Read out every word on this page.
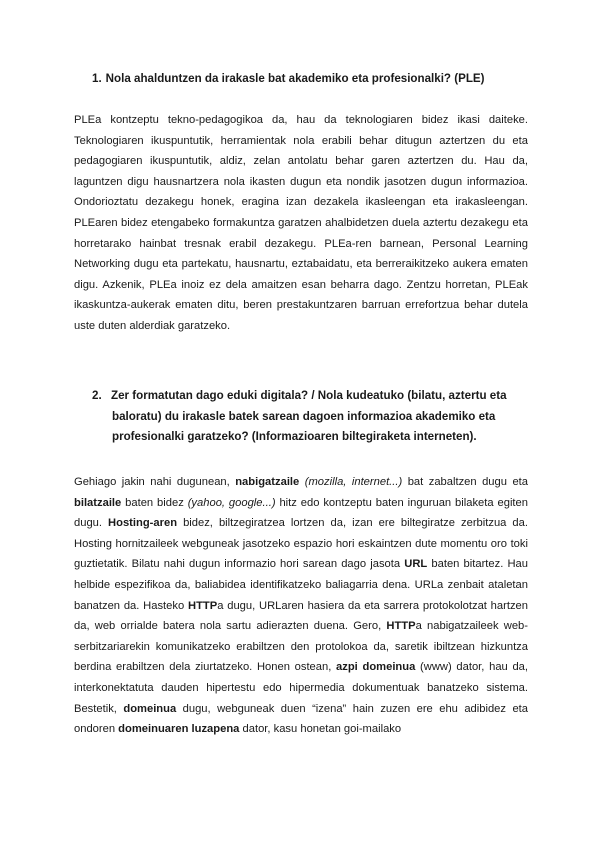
1. Nola ahalduntzen da irakasle bat akademiko eta profesionalki? (PLE)

PLEa kontzeptu tekno-pedagogikoa da, hau da teknologiaren bidez ikasi daiteke. Teknologiaren ikuspuntutik, herramientak nola erabili behar ditugun aztertzen du eta pedagogiaren ikuspuntutik, aldiz, zelan antolatu behar garen aztertzen du. Hau da, laguntzen digu hausnartzera nola ikasten dugun eta nondik jasotzen dugun informazioa. Ondorioztatu dezakegu honek, eragina izan dezakela ikasleengan eta irakasleengan. PLEaren bidez etengabeko formakuntza garatzen ahalbidetzen duela aztertu dezakegu eta horretarako hainbat tresnak erabil dezakegu. PLEa-ren barnean, Personal Learning Networking dugu eta partekatu, hausnartu, eztabaidatu, eta berreraikitzeko aukera ematen digu. Azkenik, PLEa inoiz ez dela amaitzen esan beharra dago. Zentzu horretan, PLEak ikaskuntza-aukerak ematen ditu, beren prestakuntzaren barruan errefortzua behar dutela uste duten alderdiak garatzeko.

2. Zer formatutan dago eduki digitala? / Nola kudeatuko (bilatu, aztertu eta baloratu) du irakasle batek sarean dagoen informazioa akademiko eta profesionalki garatzeko? (Informazioaren biltegiraketa interneten).

Gehiago jakin nahi dugunean, nabigatzaile (mozilla, internet...) bat zabaltzen dugu eta bilatzaile baten bidez (yahoo, google...) hitz edo kontzeptu baten inguruan bilaketa egiten dugu. Hosting-aren bidez, biltzegiratzea lortzen da, izan ere biltegiratze zerbitzua da. Hosting hornitzaileek webguneak jasotzeko espazio hori eskaintzen dute momentu oro toki guztietatik. Bilatu nahi dugun informazio hori sarean dago jasota URL baten bitartez. Hau helbide espezifikoa da, baliabidea identifikatzeko baliagarria dena. URLa zenbait ataletan banatzen da. Hasteko HTTPa dugu, URLaren hasiera da eta sarrera protokolotzat hartzen da, web orrialde batera nola sartu adierazten duena. Gero, HTTPa nabigatzaileek web-serbitzariarekin komunikatzeko erabiltzen den protolokoa da, saretik ibiltzean hizkuntza berdina erabiltzen dela ziurtatzeko. Honen ostean, azpi domeinua (www) dator, hau da, interkonektatuta dauden hipertestu edo hipermedia dokumentuak banatzeko sistema. Bestetik, domeinua dugu, webguneak duen “izena” hain zuzen ere ehu adibidez eta ondoren domeinuaren luzapena dator, kasu honetan goi-mailako
